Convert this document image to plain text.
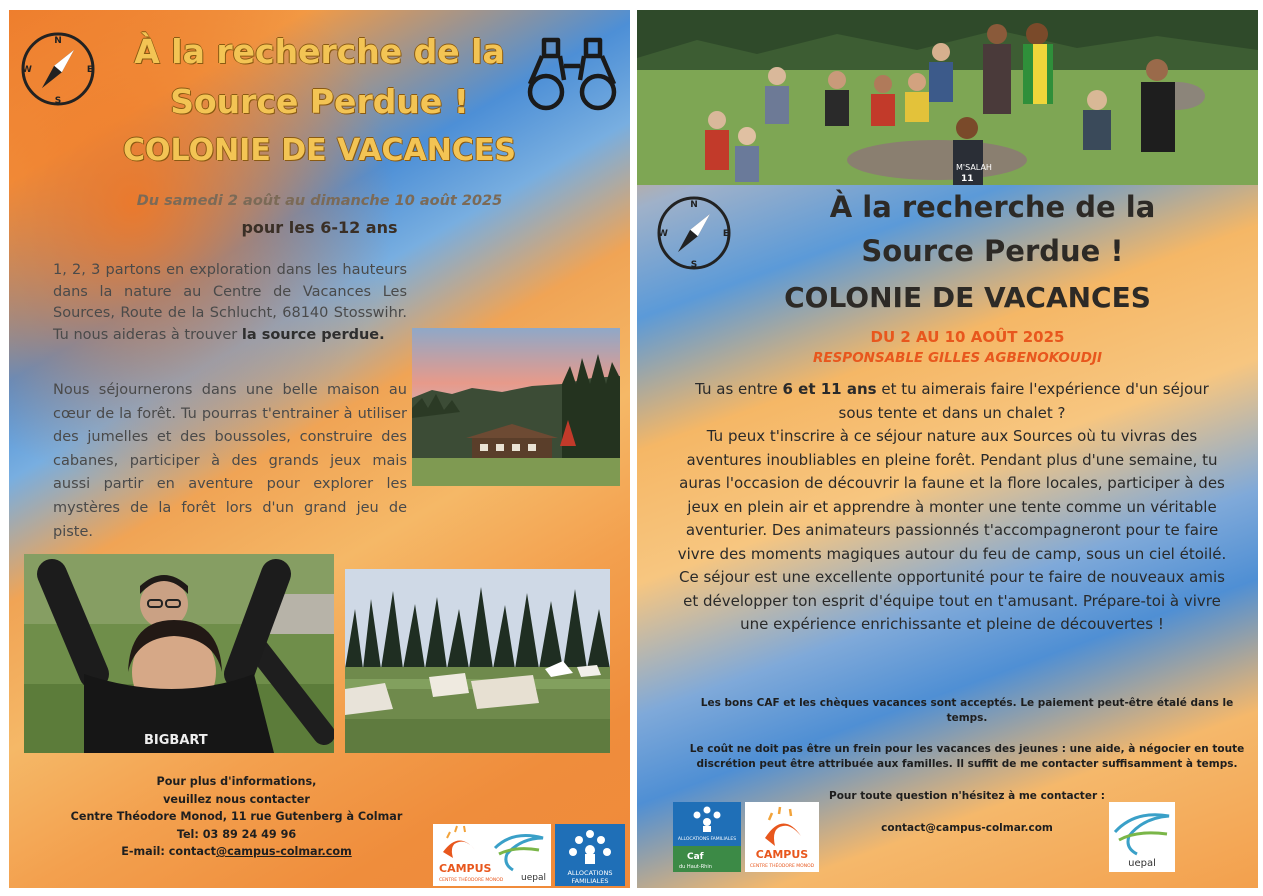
N
S
E
W	À la recherche de la
Source Perdue !
COLONIE DE VACANCES
Du samedi 2 août au dimanche 10 août 2025
pour les 6-12 ans
1, 2, 3 partons en exploration dans les hauteurs dans la nature au Centre de Vacances Les Sources, Route de la Schlucht, 68140 Stosswihr. Tu nous aideras à trouver la source perdue.
Nous séjournerons dans une belle maison au cœur de la forêt. Tu pourras t'entrainer à utiliser des jumelles et des boussoles, construire des cabanes, participer à des grands jeux mais aussi partir en aventure pour explorer les mystères de la forêt lors d'un grand jeu de piste.
BIGBART
Pour plus d'informations,
veuillez nous contacter
Centre Théodore Monod, 11 rue Gutenberg à Colmar
Tel: 03 89 24 49 96
E-mail: contact@campus-colmar.com
CAMPUS
CENTRE THÉODORE MONOD uepal	ALLOCATIONS
FAMILIALES
M'SALAH
11
N
S
E
W
À la recherche de la
Source Perdue !
COLONIE DE VACANCES
DU 2 AU 10 AOÛT 2025
RESPONSABLE GILLES AGBENOKOUDJI
Tu as entre 6 et 11 ans et tu aimerais faire l'expérience d'un séjour sous tente et dans un chalet ?
Tu peux t'inscrire à ce séjour nature aux Sources où tu vivras des aventures inoubliables en pleine forêt. Pendant plus d'une semaine, tu auras l'occasion de découvrir la faune et la flore locales, participer à des jeux en plein air et apprendre à monter une tente comme un véritable aventurier. Des animateurs passionnés t'accompagneront pour te faire vivre des moments magiques autour du feu de camp, sous un ciel étoilé. Ce séjour est une excellente opportunité pour te faire de nouveaux amis et développer ton esprit d'équipe tout en t'amusant. Prépare-toi à vivre une expérience enrichissante et pleine de découvertes !
Les bons CAF et les chèques vacances sont acceptés. Le paiement peut-être étalé dans le temps.
Le coût ne doit pas être un frein pour les vacances des jeunes : une aide, à négocier en toute discrétion peut être attribuée aux familles. Il suffit de me contacter suffisamment à temps.
Pour toute question n'hésitez à me contacter :
contact@campus-colmar.com
ALLOCATIONS FAMILIALES
Caf
du Haut-Rhin
CAMPUS
CENTRE THÉODORE MONOD	uepal
